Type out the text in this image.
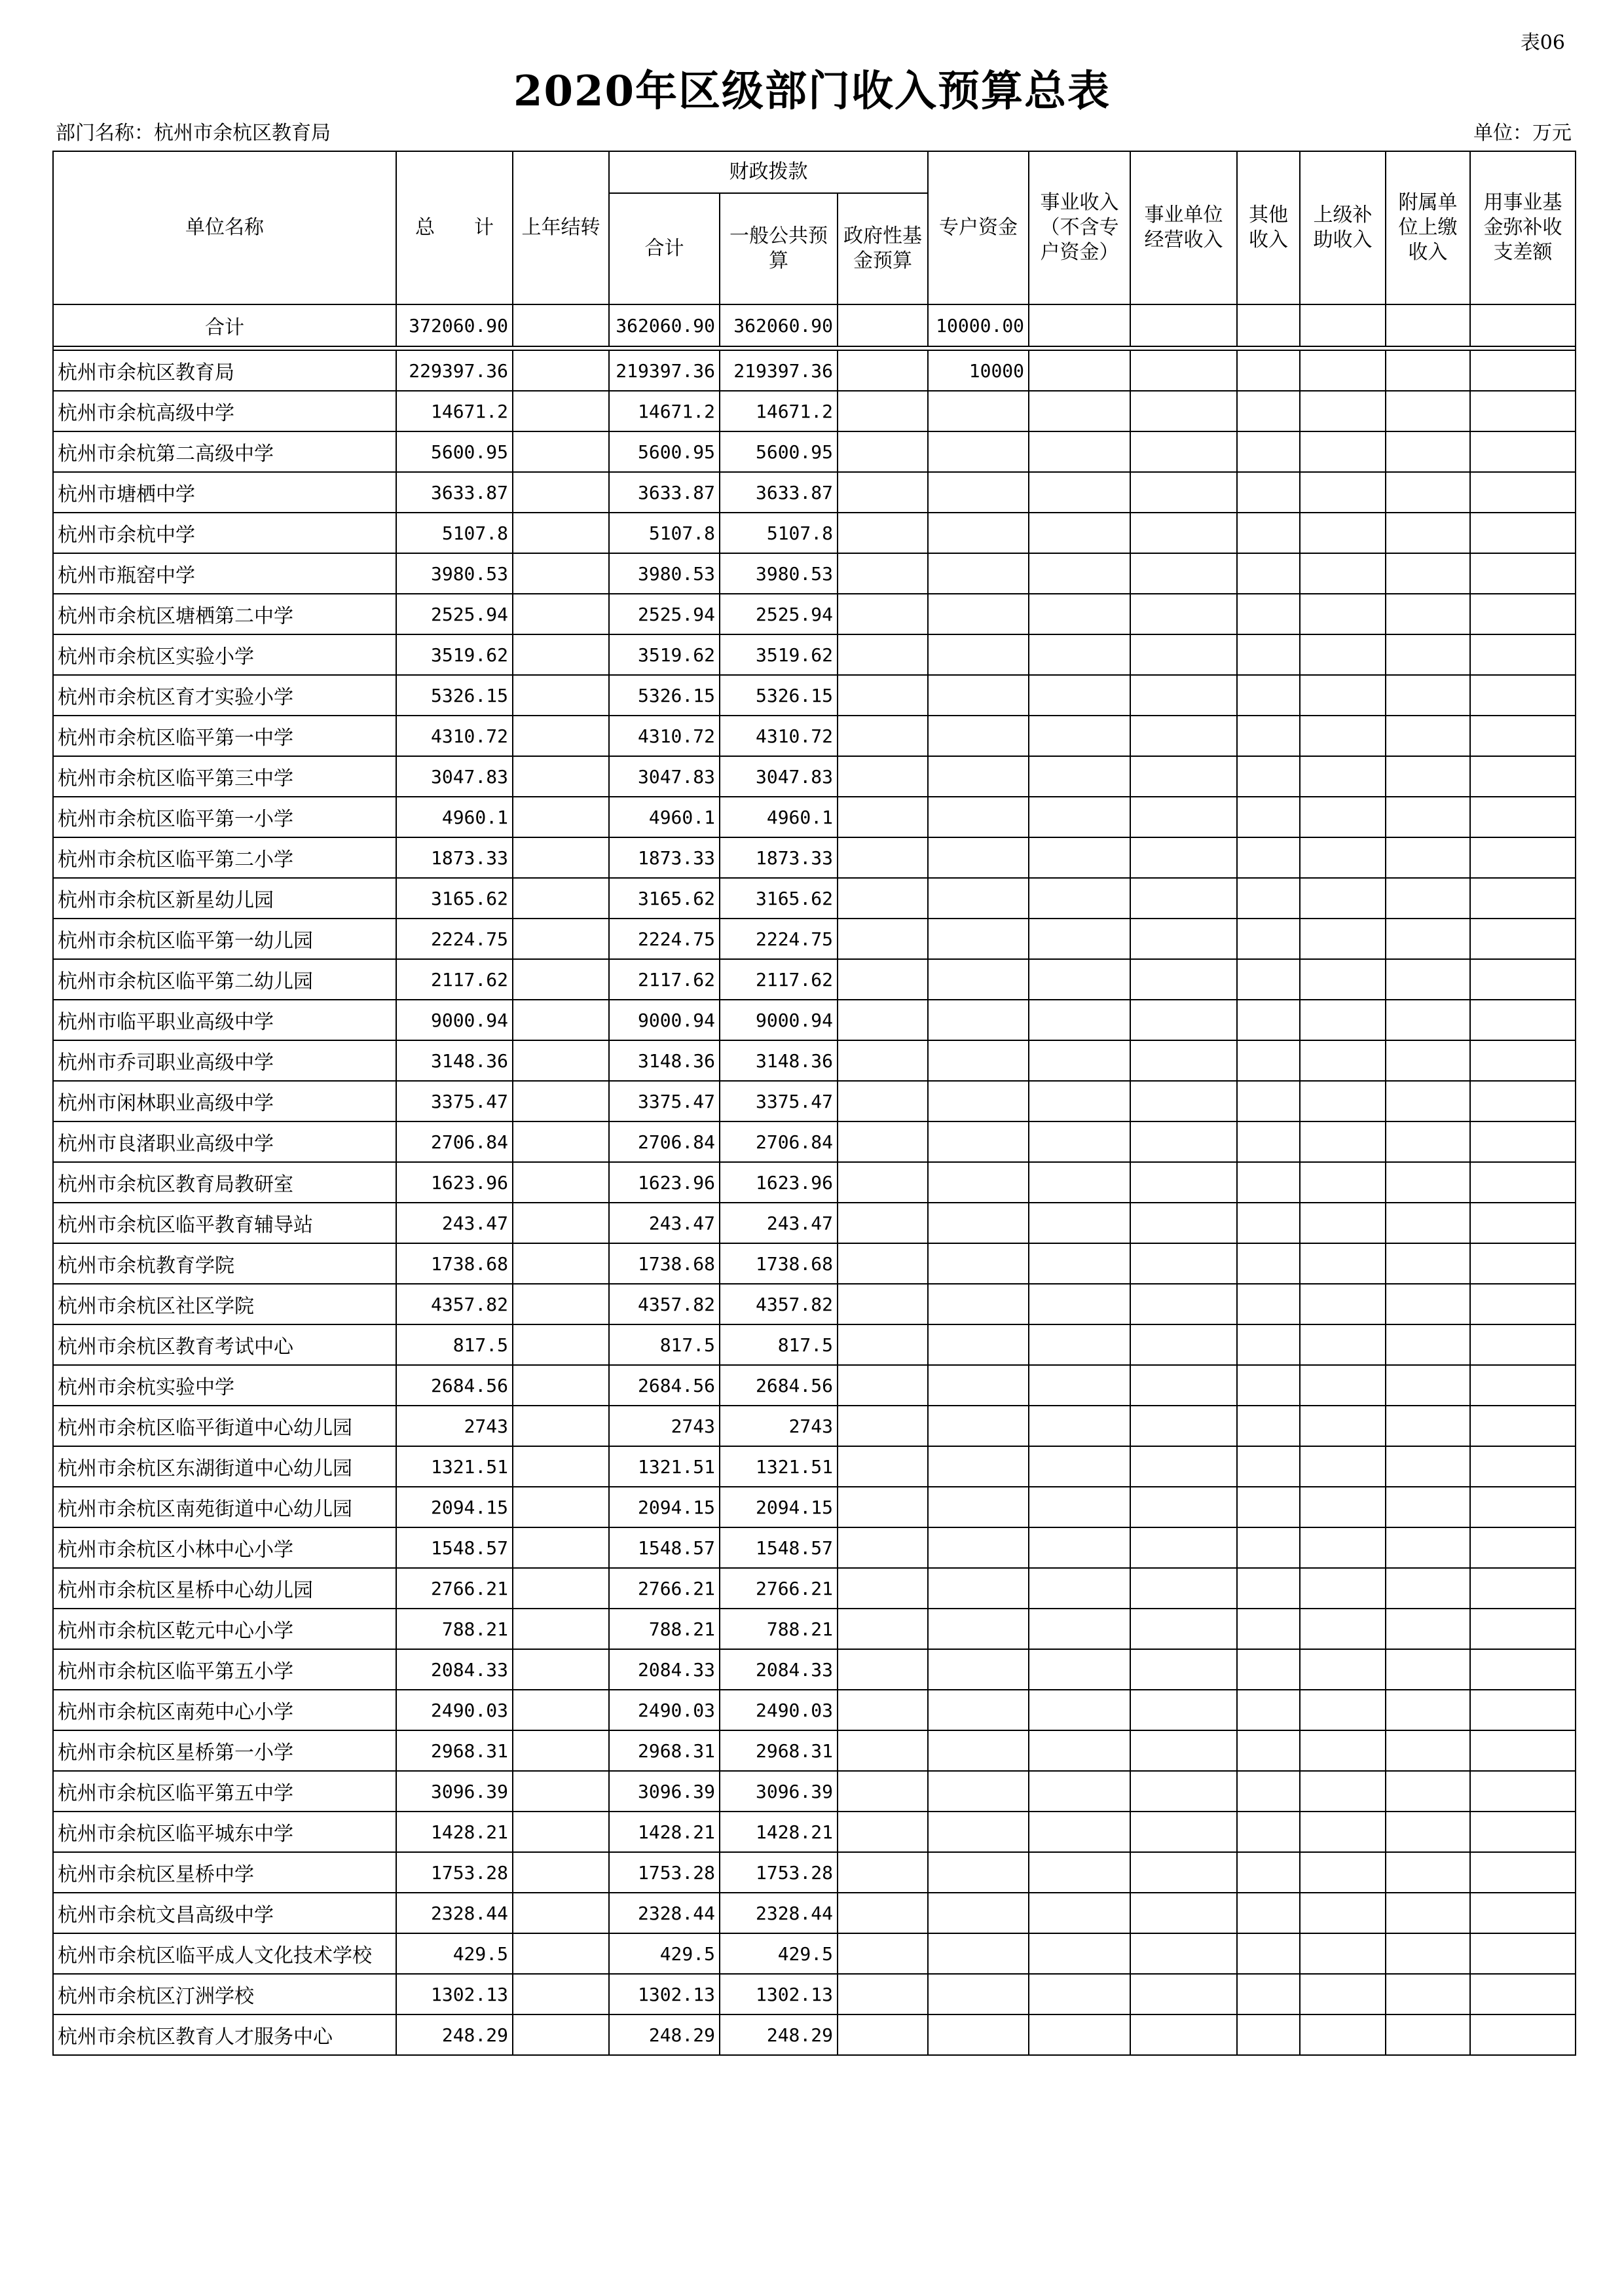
表06
2020年区级部门收入预算总表
部门名称：杭州市余杭区教育局	单位：万元
单位名称	总　　计	上年结转	财政拨款			专户资金	事业收入（不含专户资金）	事业单位经营收入	其他收入	上级补助收入	附属单位上缴收入	用事业基金弥补收支差额
			合计	一般公共预算	政府性基金预算							
合计	372060.90		362060.90	362060.90		10000.00						

杭州市余杭区教育局	229397.36		219397.36	219397.36		10000						
杭州市余杭高级中学	14671.2		14671.2	14671.2								
杭州市余杭第二高级中学	5600.95		5600.95	5600.95								
杭州市塘栖中学	3633.87		3633.87	3633.87								
杭州市余杭中学	5107.8		5107.8	5107.8								
杭州市瓶窑中学	3980.53		3980.53	3980.53								
杭州市余杭区塘栖第二中学	2525.94		2525.94	2525.94								
杭州市余杭区实验小学	3519.62		3519.62	3519.62								
杭州市余杭区育才实验小学	5326.15		5326.15	5326.15								
杭州市余杭区临平第一中学	4310.72		4310.72	4310.72								
杭州市余杭区临平第三中学	3047.83		3047.83	3047.83								
杭州市余杭区临平第一小学	4960.1		4960.1	4960.1								
杭州市余杭区临平第二小学	1873.33		1873.33	1873.33								
杭州市余杭区新星幼儿园	3165.62		3165.62	3165.62								
杭州市余杭区临平第一幼儿园	2224.75		2224.75	2224.75								
杭州市余杭区临平第二幼儿园	2117.62		2117.62	2117.62								
杭州市临平职业高级中学	9000.94		9000.94	9000.94								
杭州市乔司职业高级中学	3148.36		3148.36	3148.36								
杭州市闲林职业高级中学	3375.47		3375.47	3375.47								
杭州市良渚职业高级中学	2706.84		2706.84	2706.84								
杭州市余杭区教育局教研室	1623.96		1623.96	1623.96								
杭州市余杭区临平教育辅导站	243.47		243.47	243.47								
杭州市余杭教育学院	1738.68		1738.68	1738.68								
杭州市余杭区社区学院	4357.82		4357.82	4357.82								
杭州市余杭区教育考试中心	817.5		817.5	817.5								
杭州市余杭实验中学	2684.56		2684.56	2684.56								
杭州市余杭区临平街道中心幼儿园	2743		2743	2743								
杭州市余杭区东湖街道中心幼儿园	1321.51		1321.51	1321.51								
杭州市余杭区南苑街道中心幼儿园	2094.15		2094.15	2094.15								
杭州市余杭区小林中心小学	1548.57		1548.57	1548.57								
杭州市余杭区星桥中心幼儿园	2766.21		2766.21	2766.21								
杭州市余杭区乾元中心小学	788.21		788.21	788.21								
杭州市余杭区临平第五小学	2084.33		2084.33	2084.33								
杭州市余杭区南苑中心小学	2490.03		2490.03	2490.03								
杭州市余杭区星桥第一小学	2968.31		2968.31	2968.31								
杭州市余杭区临平第五中学	3096.39		3096.39	3096.39								
杭州市余杭区临平城东中学	1428.21		1428.21	1428.21								
杭州市余杭区星桥中学	1753.28		1753.28	1753.28								
杭州市余杭文昌高级中学	2328.44		2328.44	2328.44								
杭州市余杭区临平成人文化技术学校	429.5		429.5	429.5								
杭州市余杭区汀洲学校	1302.13		1302.13	1302.13								
杭州市余杭区教育人才服务中心	248.29		248.29	248.29								
